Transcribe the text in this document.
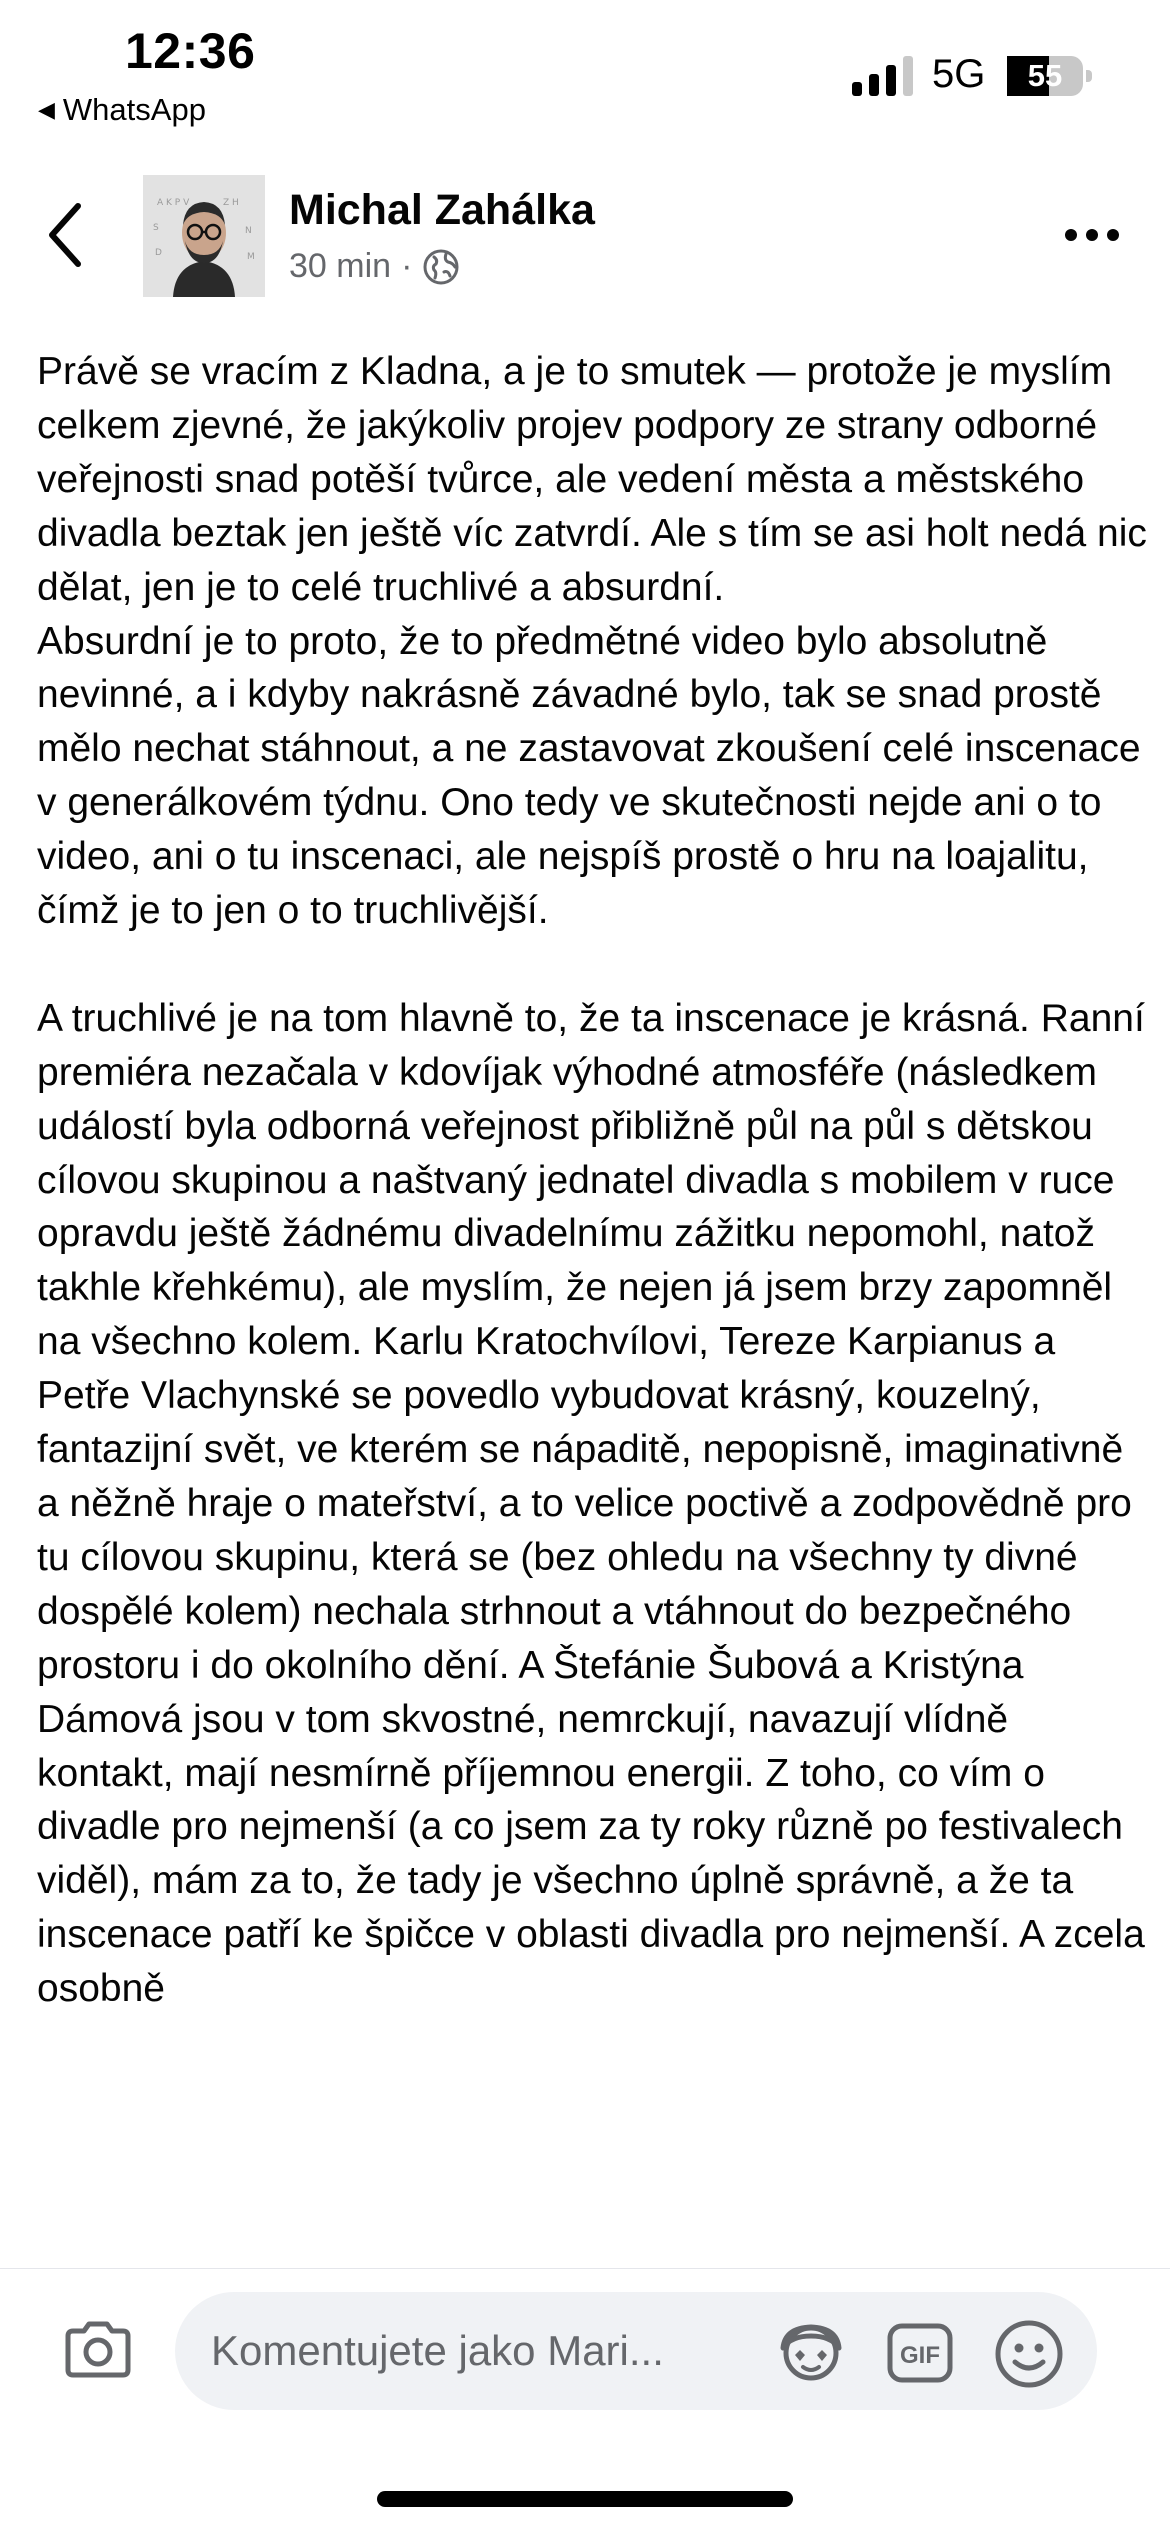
12:36
◀ WhatsApp
5G	55
A K P V	Z H
S	N
D	M
Michal Zahálka
30 min ·

Právě se vracím z Kladna, a je to smutek — protože je myslím celkem zjevné, že jakýkoliv projev podpory ze strany odborné veřejnosti snad potěší tvůrce, ale vedení města a městského divadla beztak jen ještě víc zatvrdí. Ale s tím se asi holt nedá nic dělat, jen je to celé truchlivé a absurdní.

Absurdní je to proto, že to předmětné video bylo absolutně nevinné, a i kdyby nakrásně závadné bylo, tak se snad prostě mělo nechat stáhnout, a ne zastavovat zkoušení celé inscenace v generálkovém týdnu. Ono tedy ve skutečnosti nejde ani o to video, ani o tu inscenaci, ale nejspíš prostě o hru na loajalitu, čímž je to jen o to truchlivější.

A truchlivé je na tom hlavně to, že ta inscenace je krásná. Ranní premiéra nezačala v kdovíjak výhodné atmosféře (následkem událostí byla odborná veřejnost přibližně půl na půl s dětskou cílovou skupinou a naštvaný jednatel divadla s mobilem v ruce opravdu ještě žádnému divadelnímu zážitku nepomohl, natož takhle křehkému), ale myslím, že nejen já jsem brzy zapomněl na všechno kolem. Karlu Kratochvílovi, Tereze Karpianus a Petře Vlachynské se povedlo vybudovat krásný, kouzelný, fantazijní svět, ve kterém se nápaditě, nepopisně, imaginativně a něžně hraje o mateřství, a to velice poctivě a zodpovědně pro tu cílovou skupinu, která se (bez ohledu na všechny ty divné dospělé kolem) nechala strhnout a vtáhnout do bezpečného prostoru i do okolního dění. A Štefánie Šubová a Kristýna Dámová jsou v tom skvostné, nemrckují, navazují vlídně kontakt, mají nesmírně příjemnou energii. Z toho, co vím o divadle pro nejmenší (a co jsem za ty roky různě po festivalech viděl), mám za to, že tady je všechno úplně správně, a že ta inscenace patří ke špičce v oblasti divadla pro nejmenší. A zcela osobně

Komentujete jako Mari...
GIF
